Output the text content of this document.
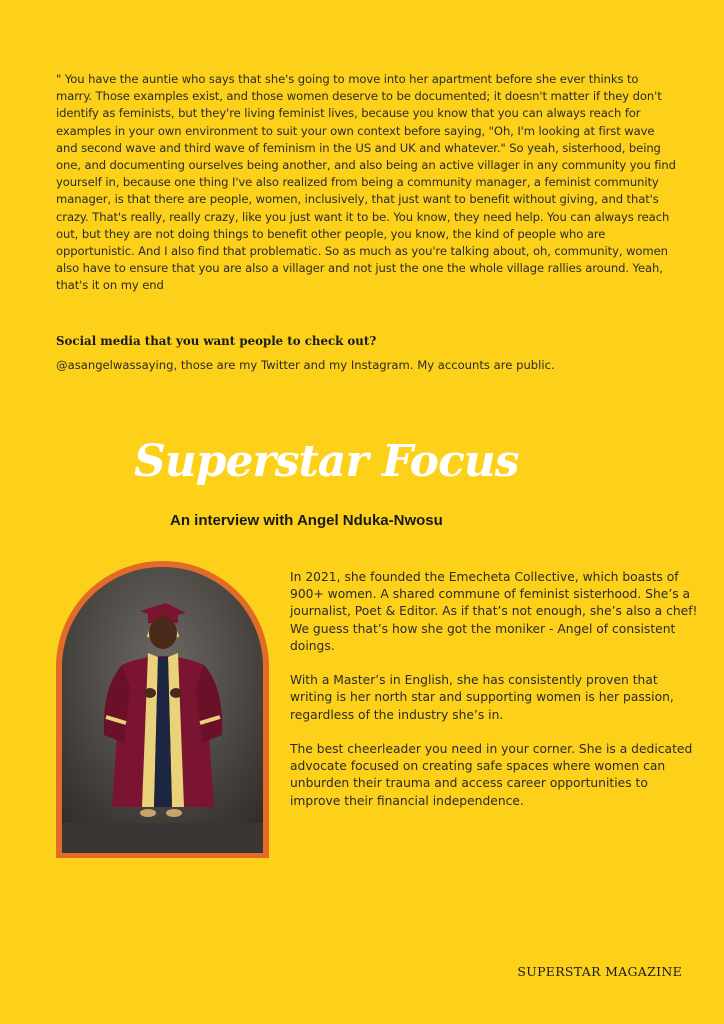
" You have the auntie who says that she's going to move into her apartment before she ever thinks to marry. Those examples exist, and those women deserve to be documented; it doesn't matter if they don't identify as feminists, but they're living feminist lives, because you know that you can always reach for examples in your own environment to suit your own context before saying, "Oh, I'm looking at first wave and second wave and third wave of feminism in the US and UK and whatever." So yeah, sisterhood, being one, and documenting ourselves being another, and also being an active villager in any community you find yourself in, because one thing I've also realized from being a community manager, a feminist community manager, is that there are people, women, inclusively, that just want to benefit without giving, and that's crazy. That's really, really crazy, like you just want it to be. You know, they need help. You can always reach out, but they are not doing things to benefit other people, you know, the kind of people who are opportunistic. And I also find that problematic. So as much as you're talking about, oh, community, women also have to ensure that you are also a villager and not just the one the whole village rallies around. Yeah, that's it on my end
Social media that you want people to check out?
@asangelwassaying, those are my Twitter and my Instagram. My accounts are public.
Superstar Focus
An interview with Angel Nduka-Nwosu

In 2021, she founded the Emecheta Collective, which boasts of 900+ women. A shared commune of feminist sisterhood. She’s a journalist, Poet & Editor. As if that’s not enough, she’s also a chef! We guess that’s how she got the moniker - Angel of consistent doings.

With a Master’s in English, she has consistently proven that writing is her north star and supporting women is her passion, regardless of the industry she’s in.

The best cheerleader you need in your corner. She is a dedicated advocate focused on creating safe spaces where women can unburden their trauma and access career opportunities to improve their financial independence.

SUPERSTAR MAGAZINE
